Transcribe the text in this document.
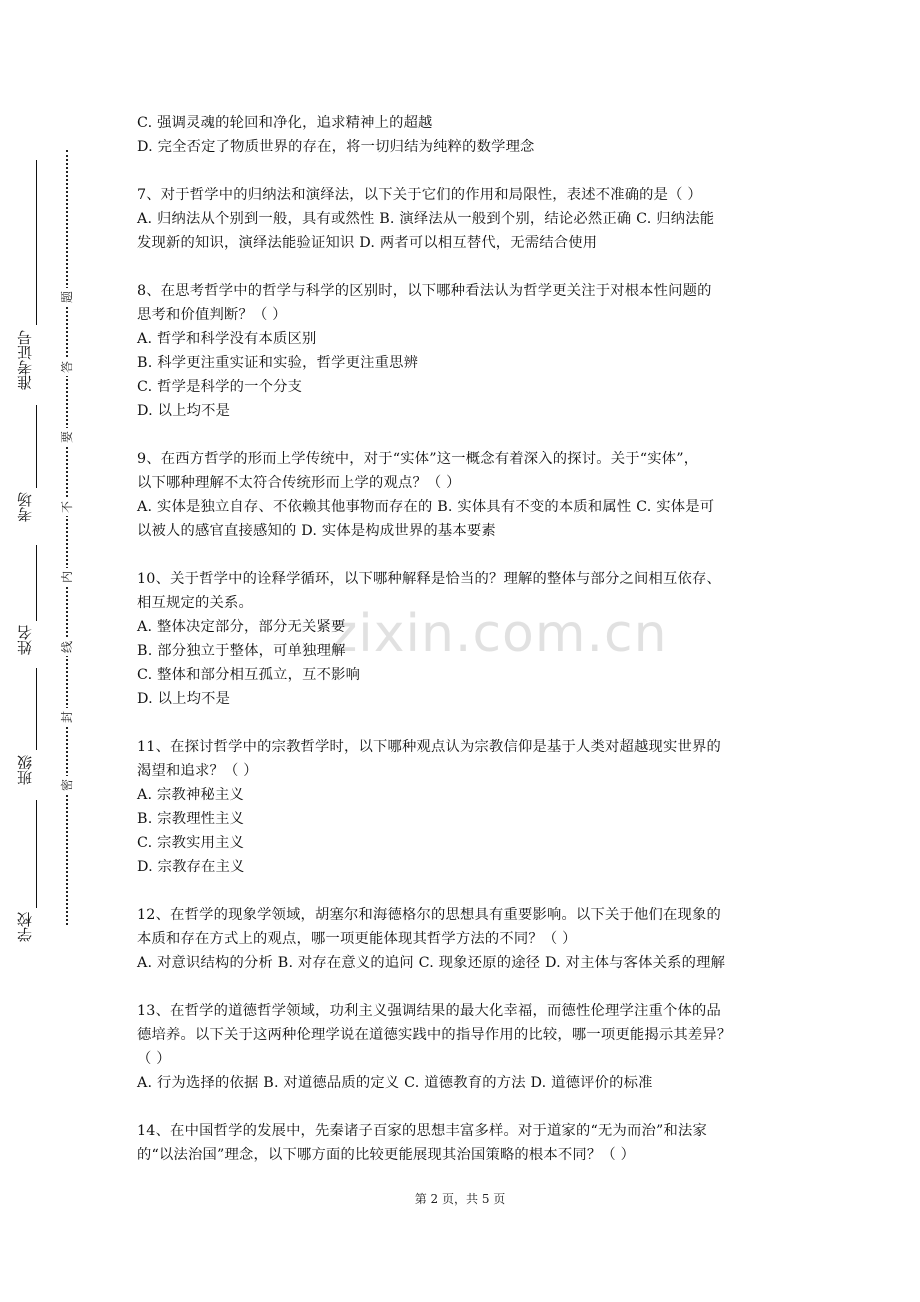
准考证号
考场
姓名
班级
学校
题
答
要
不
内
线
封
密
zixin.com.cn
C. 强调灵魂的轮回和净化，追求精神上的超越
D. 完全否定了物质世界的存在，将一切归结为纯粹的数学理念
7、对于哲学中的归纳法和演绎法，以下关于它们的作用和局限性，表述不准确的是（ ）
A. 归纳法从个别到一般，具有或然性 B. 演绎法从一般到个别，结论必然正确 C. 归纳法能
发现新的知识，演绎法能验证知识 D. 两者可以相互替代，无需结合使用
8、在思考哲学中的哲学与科学的区别时，以下哪种看法认为哲学更关注于对根本性问题的
思考和价值判断？（ ）
A. 哲学和科学没有本质区别
B. 科学更注重实证和实验，哲学更注重思辨
C. 哲学是科学的一个分支
D. 以上均不是
9、在西方哲学的形而上学传统中，对于“实体”这一概念有着深入的探讨。关于“实体”，
以下哪种理解不太符合传统形而上学的观点？（ ）
A. 实体是独立自存、不依赖其他事物而存在的 B. 实体具有不变的本质和属性 C. 实体是可
以被人的感官直接感知的 D. 实体是构成世界的基本要素
10、关于哲学中的诠释学循环，以下哪种解释是恰当的？理解的整体与部分之间相互依存、
相互规定的关系。
A. 整体决定部分，部分无关紧要
B. 部分独立于整体，可单独理解
C. 整体和部分相互孤立，互不影响
D. 以上均不是
11、在探讨哲学中的宗教哲学时，以下哪种观点认为宗教信仰是基于人类对超越现实世界的
渴望和追求？（ ）
A. 宗教神秘主义
B. 宗教理性主义
C. 宗教实用主义
D. 宗教存在主义
12、在哲学的现象学领域，胡塞尔和海德格尔的思想具有重要影响。以下关于他们在现象的
本质和存在方式上的观点，哪一项更能体现其哲学方法的不同？（ ）
A. 对意识结构的分析 B. 对存在意义的追问 C. 现象还原的途径 D. 对主体与客体关系的理解
13、在哲学的道德哲学领域，功利主义强调结果的最大化幸福，而德性伦理学注重个体的品
德培养。以下关于这两种伦理学说在道德实践中的指导作用的比较，哪一项更能揭示其差异？
（ ）
A. 行为选择的依据 B. 对道德品质的定义 C. 道德教育的方法 D. 道德评价的标准
14、在中国哲学的发展中，先秦诸子百家的思想丰富多样。对于道家的“无为而治”和法家
的“以法治国”理念，以下哪方面的比较更能展现其治国策略的根本不同？（ ）
第 2 页，共 5 页
